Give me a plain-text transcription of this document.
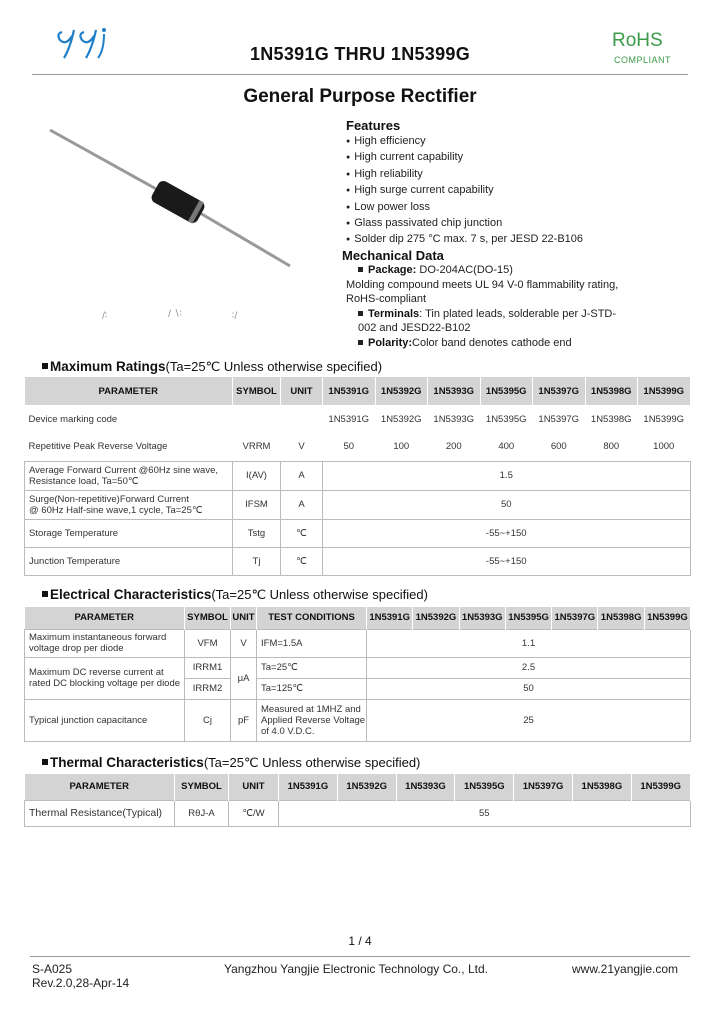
1N5391G THRU 1N5399G
RoHS
COMPLIANT
General Purpose Rectifier
∕∶	∕ ∖∶	∶∕
Features
● High efficiency
● High current capability
● High reliability
● High surge current capability
● Low power loss
● Glass passivated chip junction
● Solder dip 275 °C max. 7 s, per JESD 22-B106
Mechanical Data
Package: DO-204AC(DO-15)
Molding compound meets UL 94 V-0 flammability rating,
RoHS-compliant
Terminals: Tin plated leads, solderable per J-STD-
002 and JESD22-B102
Polarity:Color band denotes cathode end
Maximum Ratings(Ta=25℃ Unless otherwise specified)
PARAMETER	SYMBOL	UNIT	1N5391G	1N5392G	1N5393G	1N5395G	1N5397G	1N5398G	1N5399G
Device marking code			1N5391G	1N5392G	1N5393G	1N5395G	1N5397G	1N5398G	1N5399G
Repetitive Peak Reverse Voltage	VRRM	V	50	100	200	400	600	800	1000

Average Forward Current @60Hz sine wave,
Resistance load, Ta=50℃	I(AV)	A	1.5						

Surge(Non-repetitive)Forward Current
@ 60Hz Half-sine wave,1 cycle, Ta=25℃	IFSM	A	50						
Storage Temperature	Tstg	℃	-55~+150						
Junction Temperature	Tj	℃	-55~+150						
Electrical Characteristics(Ta=25℃ Unless otherwise specified)
PARAMETER	SYMBOL	UNIT	TEST CONDITIONS	1N5391G	1N5392G	1N5393G	1N5395G	1N5397G	1N5398G	1N5399G

Maximum instantaneous forward
voltage drop per diode	VFM	V	IFM=1.5A	1.1						

Maximum DC reverse current at
rated DC blocking voltage per diode	IRRM1	μA	Ta=25℃	2.5						
	IRRM2		Ta=125℃	50						
Typical junction capacitance	Cj	pF	Measured at 1MHZ and
Applied Reverse Voltage
of 4.0 V.D.C.	25						
Thermal Characteristics(Ta=25℃ Unless otherwise specified)
PARAMETER	SYMBOL	UNIT	1N5391G	1N5392G	1N5393G	1N5395G	1N5397G	1N5398G	1N5399G
Thermal Resistance(Typical)	RθJ-A	℃/W	55						
1 / 4
S-A025
Rev.2.0,28-Apr-14
Yangzhou Yangjie Electronic Technology Co., Ltd.	www.21yangjie.com
